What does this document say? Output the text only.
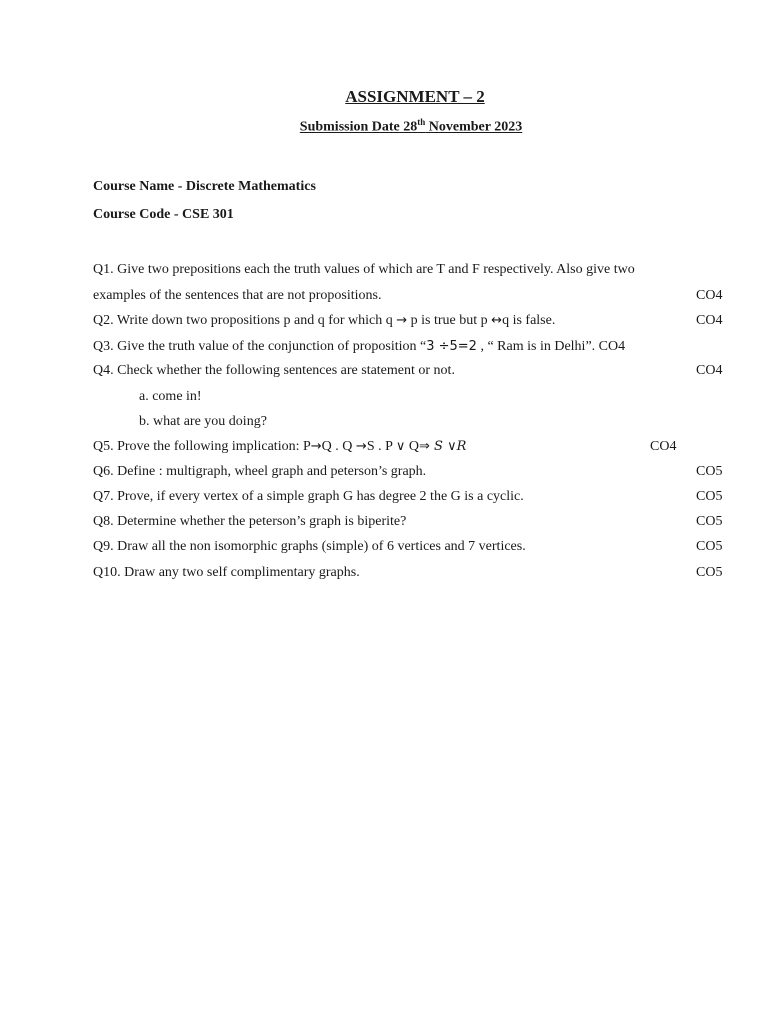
ASSIGNMENT – 2
Submission Date 28th November 2023
Course Name - Discrete Mathematics
Course Code - CSE 301
Q1. Give two prepositions each the truth values of which are T and F respectively. Also give two
examples of the sentences that are not propositions.	CO4
Q2. Write down two propositions p and q for which q → p is true but p ↔q is false.	CO4
Q3. Give the truth value of the conjunction of proposition “3 ÷5=2 , “ Ram is in Delhi”. CO4
Q4. Check whether the following sentences are statement or not.	CO4
a. come in!
b. what are you doing?
Q5. Prove the following implication: P→Q . Q →S . P ∨ Q⇒ S ∨R	CO4
Q6. Define : multigraph, wheel graph and peterson’s graph.	CO5
Q7. Prove, if every vertex of a simple graph G has degree 2 the G is a cyclic.	CO5
Q8. Determine whether the peterson’s graph is biperite?	CO5
Q9. Draw all the non isomorphic graphs (simple) of 6 vertices and 7 vertices.	CO5
Q10. Draw any two self complimentary graphs.	CO5
